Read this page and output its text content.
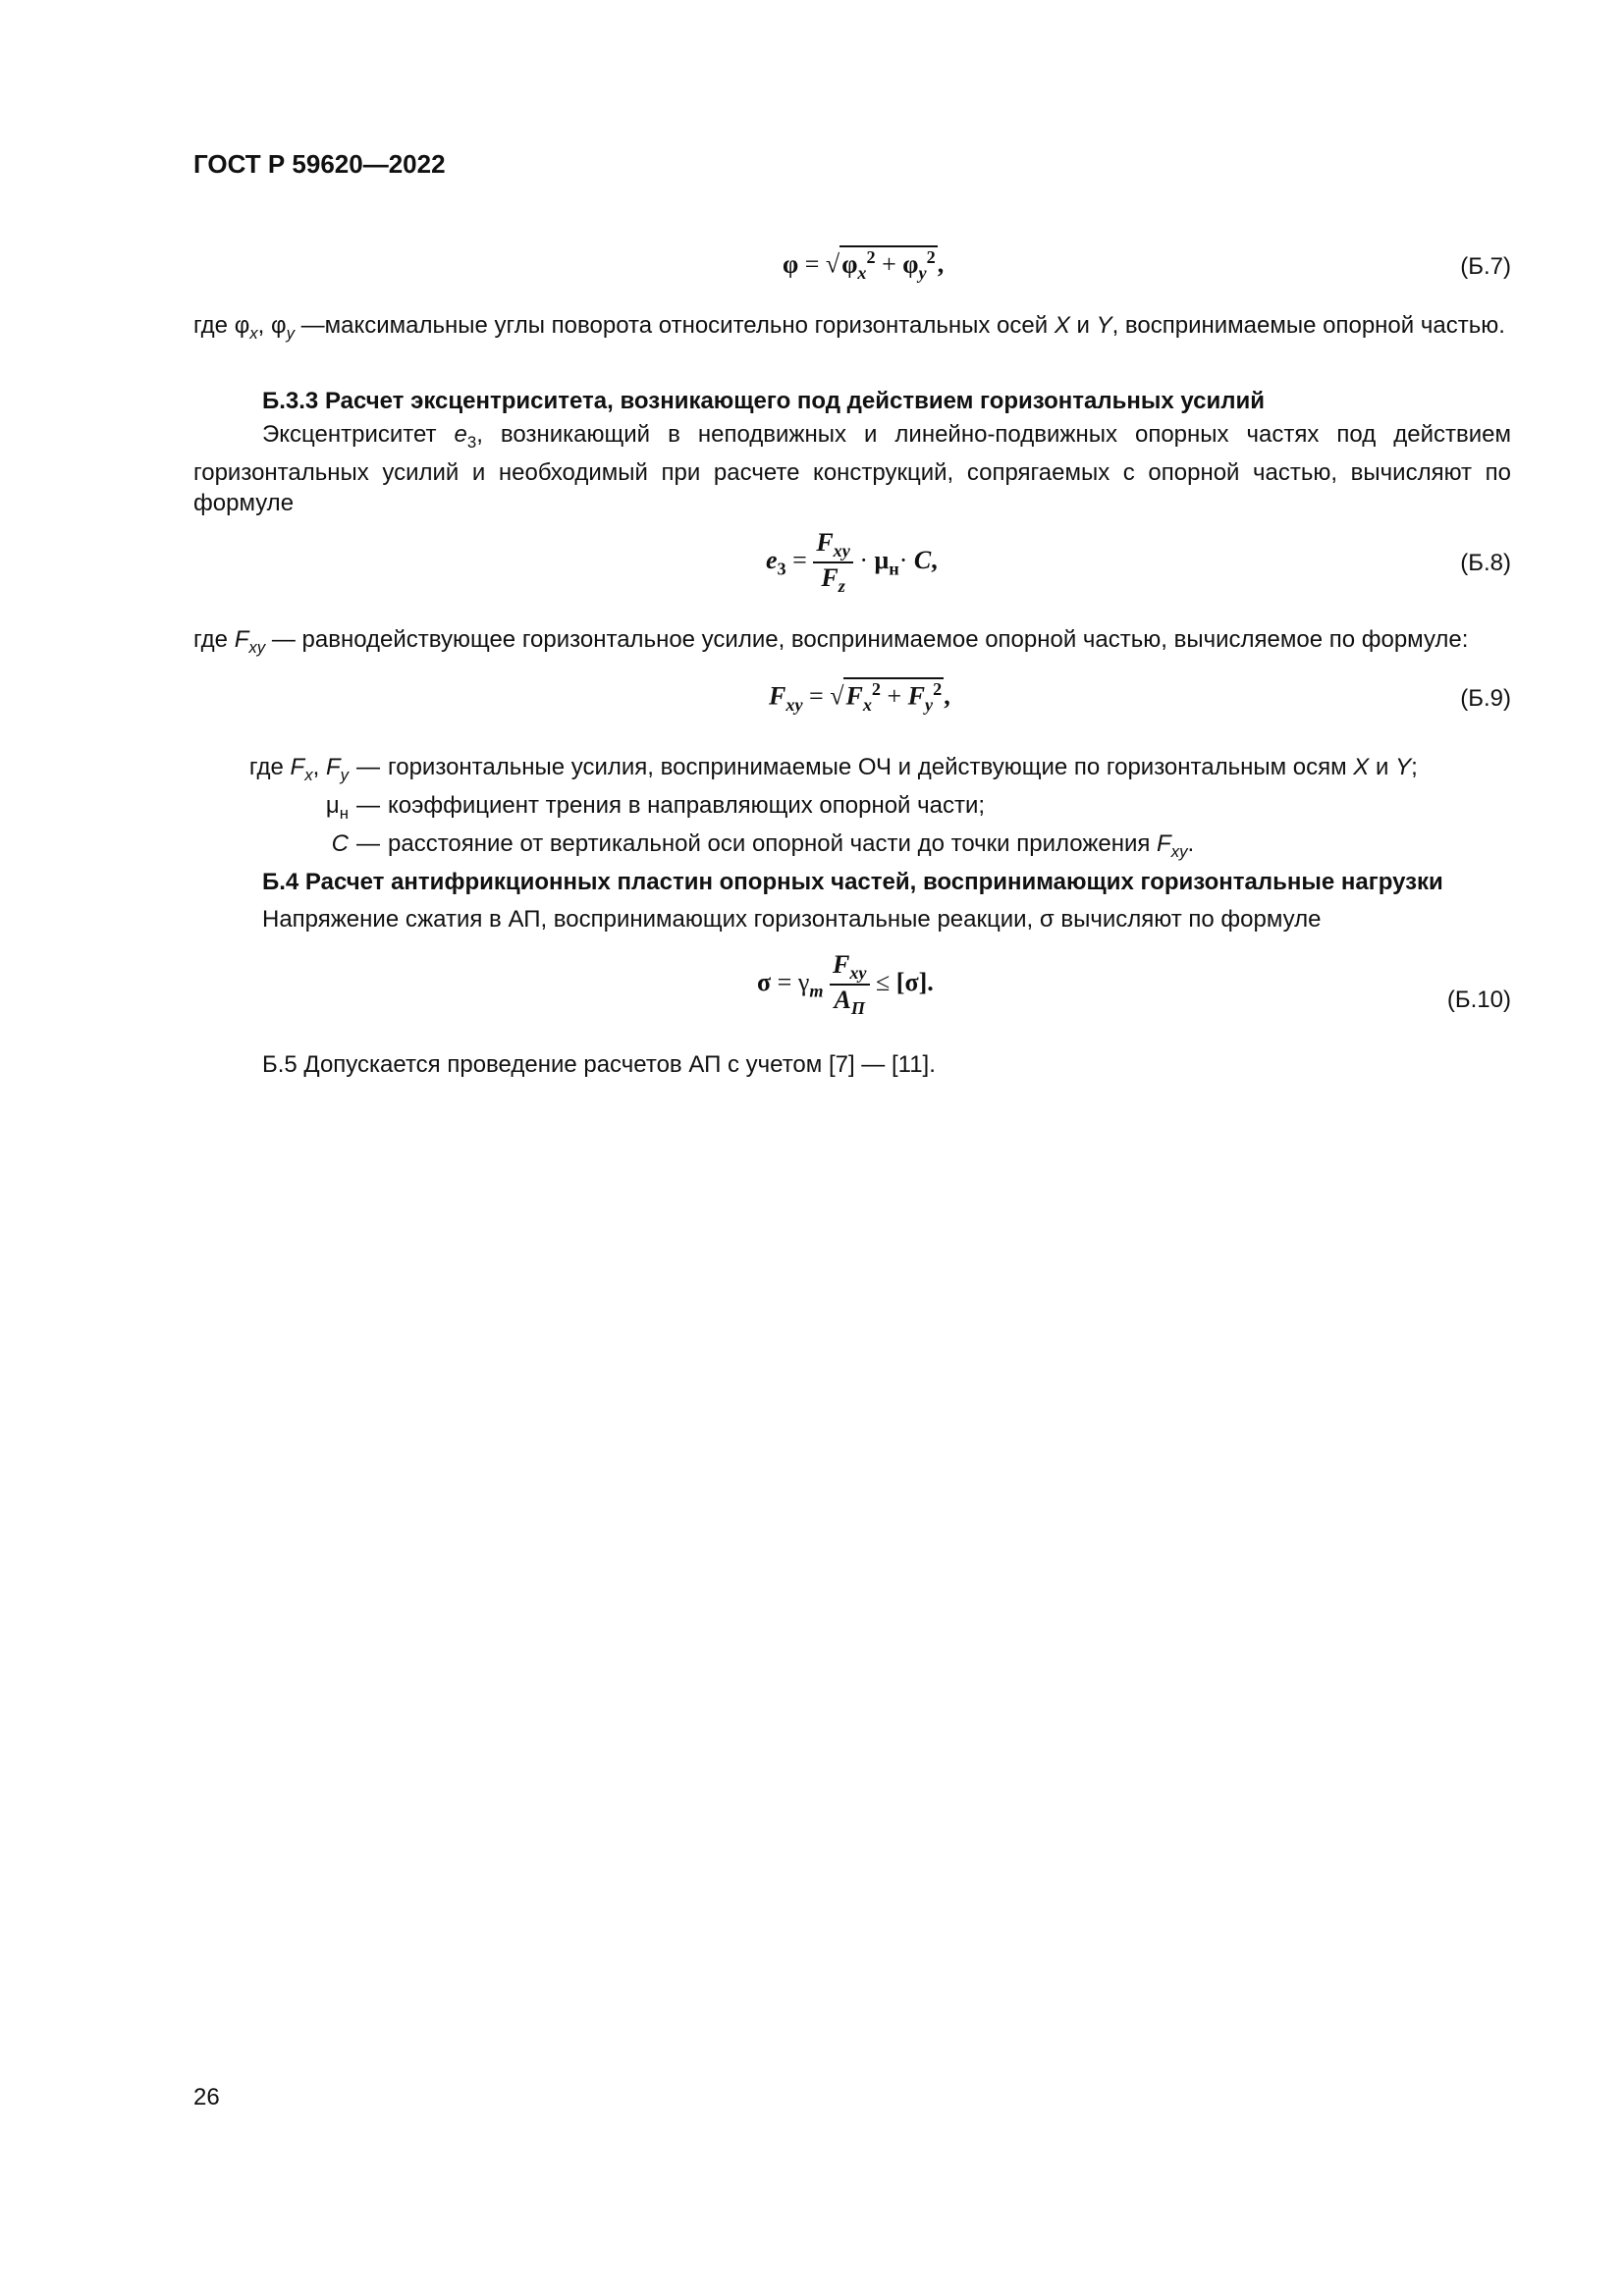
ГОСТ Р 59620—2022
$\varphi = √\varphi_x^2 + \varphi_y^2$,	(Б.7)
где $\varphi_x$, $\varphi_y$ — максимальные углы поворота относительно горизонтальных осей X и Y, воспринимаемые опорной частью.
Б.3.3 Расчет эксцентриситета, возникающего под действием горизонтальных усилий
Эксцентриситет $e_3$, возникающий в неподвижных и линейно-подвижных опорных частях под действием горизонтальных усилий и необходимый при расчете конструкций, сопрягаемых с опорной частью, вычисляют по формуле
$e_3 = \frac{F_{xy}}{F_z} \cdot \mu_н\cdot C$,	(Б.8)
где $F_{xy}$ — равнодействующее горизонтальное усилие, воспринимаемое опорной частью, вычисляемое по формуле:
$F_{xy} = √F_x^2 + F_y^2$,	(Б.9)
где $F_x$, $F_y$ — горизонтальные усилия, воспринимаемые ОЧ и действующие по горизонтальным осям X и Y;
$\mu_н$ — коэффициент трения в направляющих опорной части;
C — расстояние от вертикальной оси опорной части до точки приложения $F_{xy}$.
Б.4 Расчет антифрикционных пластин опорных частей, воспринимающих горизонтальные нагрузки
Напряжение сжатия в АП, воспринимающих горизонтальные реакции, σ вычисляют по формуле
$\sigma = \gamma_m \frac{F_{xy}}{A_П} \le [\sigma]$.
(Б.10)
Б.5 Допускается проведение расчетов АП с учетом [7] — [11].
26
